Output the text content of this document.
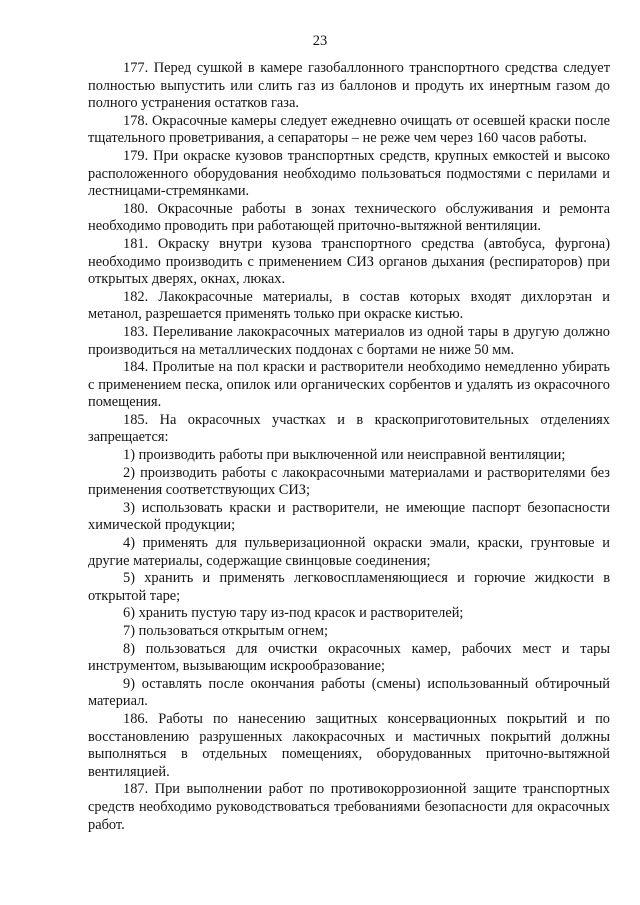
23

177. Перед сушкой в камере газобаллонного транспортного средства следует полностью выпустить или слить газ из баллонов и продуть их инертным газом до полного устранения остатков газа.

178. Окрасочные камеры следует ежедневно очищать от осевшей краски после тщательного проветривания, а сепараторы – не реже чем через 160 часов работы.

179. При окраске кузовов транспортных средств, крупных емкостей и высоко расположенного оборудования необходимо пользоваться подмостями с перилами и лестницами-стремянками.

180. Окрасочные работы в зонах технического обслуживания и ремонта необходимо проводить при работающей приточно-вытяжной вентиляции.

181. Окраску внутри кузова транспортного средства (автобуса, фургона) необходимо производить с применением СИЗ органов дыхания (респираторов) при открытых дверях, окнах, люках.

182. Лакокрасочные материалы, в состав которых входят дихлорэтан и метанол, разрешается применять только при окраске кистью.

183. Переливание лакокрасочных материалов из одной тары в другую должно производиться на металлических поддонах с бортами не ниже 50 мм.

184. Пролитые на пол краски и растворители необходимо немедленно убирать с применением песка, опилок или органических сорбентов и удалять из окрасочного помещения.

185. На окрасочных участках и в краскоприготовительных отделениях запрещается:

1) производить работы при выключенной или неисправной вентиляции;

2) производить работы с лакокрасочными материалами и растворителями без применения соответствующих СИЗ;

3) использовать краски и растворители, не имеющие паспорт безопасности химической продукции;

4) применять для пульверизационной окраски эмали, краски, грунтовые и другие материалы, содержащие свинцовые соединения;

5) хранить и применять легковоспламеняющиеся и горючие жидкости в открытой таре;

6) хранить пустую тару из-под красок и растворителей;

7) пользоваться открытым огнем;

8) пользоваться для очистки окрасочных камер, рабочих мест и тары инструментом, вызывающим искрообразование;

9) оставлять после окончания работы (смены) использованный обтирочный материал.

186. Работы по нанесению защитных консервационных покрытий и по восстановлению разрушенных лакокрасочных и мастичных покрытий должны выполняться в отдельных помещениях, оборудованных приточно-вытяжной вентиляцией.

187. При выполнении работ по противокоррозионной защите транспортных средств необходимо руководствоваться требованиями безопасности для окрасочных работ.
